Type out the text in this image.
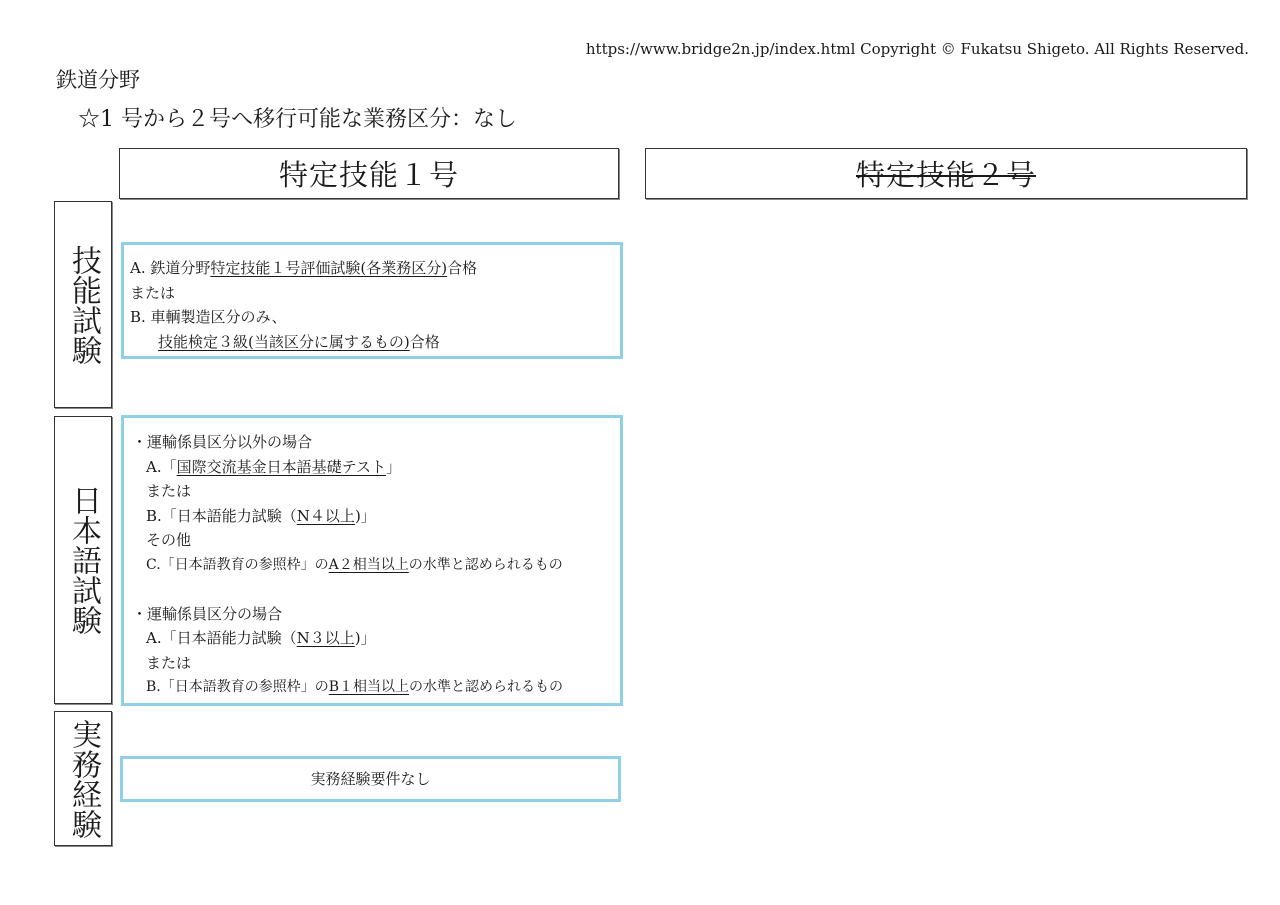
https://www.bridge2n.jp/index.html Copyright © Fukatsu Shigeto. All Rights Reserved.
鉄道分野
☆1 号から２号へ移行可能な業務区分：なし
特定技能１号	特定技能２号
技能試験
日本語試験
実務経験
A. 鉄道分野特定技能１号評価試験(各業務区分)合格
または
B. 車輌製造区分のみ、
技能検定３級(当該区分に属するもの)合格
・運輸係員区分以外の場合
A.「国際交流基金日本語基礎テスト」
または
B.「日本語能力試験（N４以上)」
その他
C.「日本語教育の参照枠」のA２相当以上の水準と認められるもの
・運輸係員区分の場合
A.「日本語能力試験（N３以上)」
または
B.「日本語教育の参照枠」のB１相当以上の水準と認められるもの
実務経験要件なし
